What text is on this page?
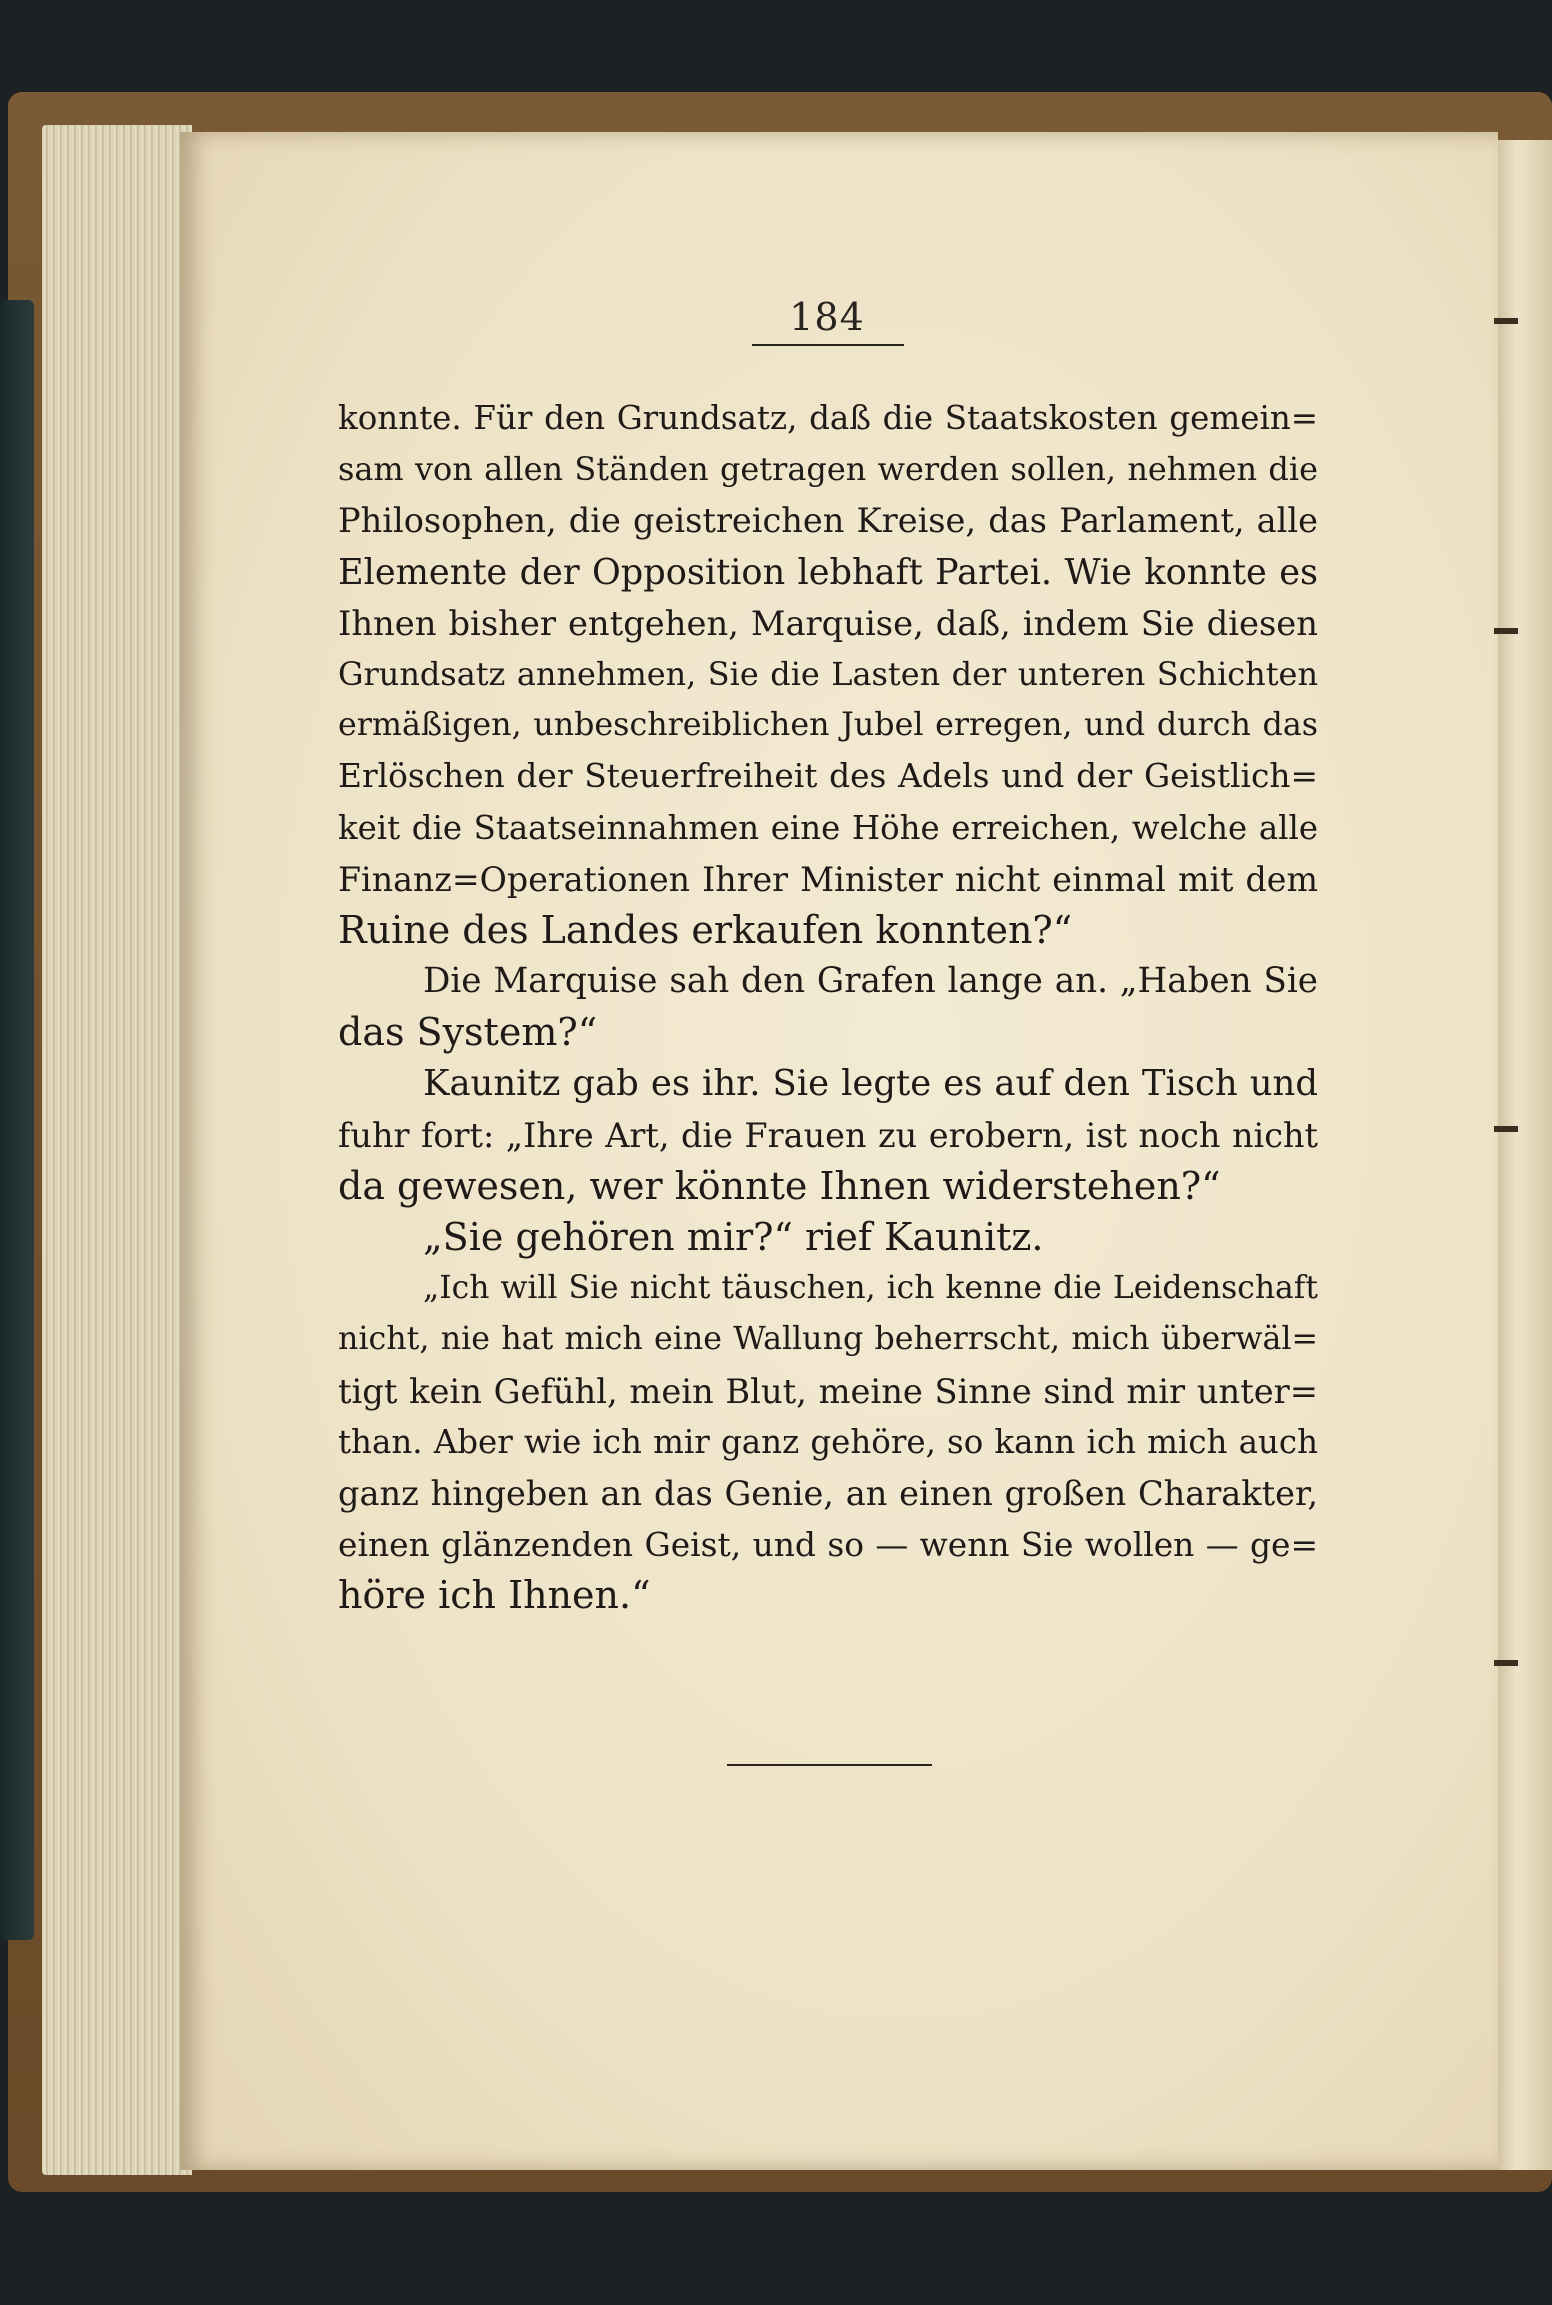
184
konnte. Für den Grundsatz, daß die Staatskosten gemein=
sam von allen Ständen getragen werden sollen, nehmen die
Philosophen, die geistreichen Kreise, das Parlament, alle
Elemente der Opposition lebhaft Partei. Wie konnte es
Ihnen bisher entgehen, Marquise, daß, indem Sie diesen
Grundsatz annehmen, Sie die Lasten der unteren Schichten
ermäßigen, unbeschreiblichen Jubel erregen, und durch das
Erlöschen der Steuerfreiheit des Adels und der Geistlich=
keit die Staatseinnahmen eine Höhe erreichen, welche alle
Finanz=Operationen Ihrer Minister nicht einmal mit dem
Ruine des Landes erkaufen konnten?“
Die Marquise sah den Grafen lange an. „Haben Sie
das System?“
Kaunitz gab es ihr. Sie legte es auf den Tisch und
fuhr fort: „Ihre Art, die Frauen zu erobern, ist noch nicht
da gewesen, wer könnte Ihnen widerstehen?“
„Sie gehören mir?“ rief Kaunitz.
„Ich will Sie nicht täuschen, ich kenne die Leidenschaft
nicht, nie hat mich eine Wallung beherrscht, mich überwäl=
tigt kein Gefühl, mein Blut, meine Sinne sind mir unter=
than. Aber wie ich mir ganz gehöre, so kann ich mich auch
ganz hingeben an das Genie, an einen großen Charakter,
einen glänzenden Geist, und so — wenn Sie wollen — ge=
höre ich Ihnen.“
